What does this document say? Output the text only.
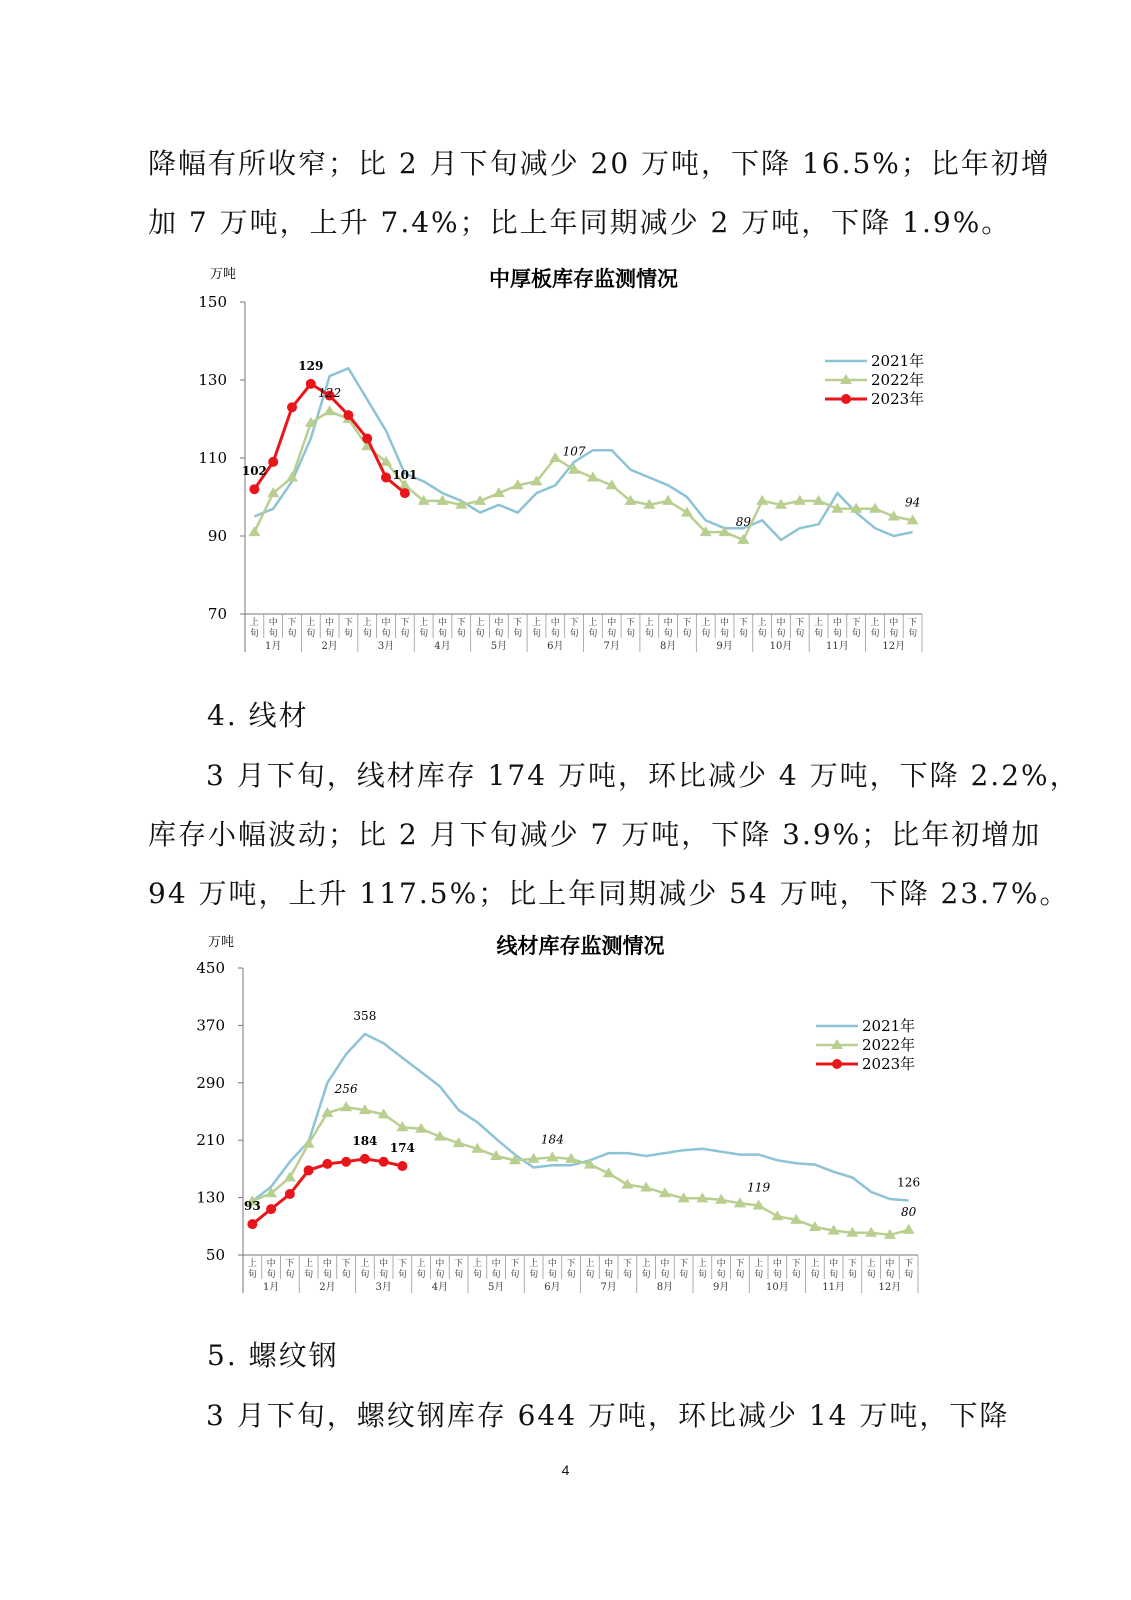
降幅有所收窄；比 2 月下旬减少 20 万吨，下降 16.5%；比年初增
加 7 万吨，上升 7.4%；比上年同期减少 2 万吨，下降 1.9%。

中厚板库存监测情况
万吨
70
90
110
130
150
上
旬
中
旬
下
旬
上
旬
中
旬
下
旬
上
旬
中
旬
下
旬
上
旬
中
旬
下
旬
上
旬
中
旬
下
旬
上
旬
中
旬
下
旬
上
旬
中
旬
下
旬
上
旬
中
旬
下
旬
上
旬
中
旬
下
旬
上
旬
中
旬
下
旬
上
旬
中
旬
下
旬
上
旬
中
旬
下
旬
1月	2月	3月	4月	5月	6月	7月	8月	9月	10月	11月	12月
102
129
101
122
107
89
94
2021年
2022年
2023年
4. 线材

3 月下旬，线材库存 174 万吨，环比减少 4 万吨，下降 2.2%，
库存小幅波动；比 2 月下旬减少 7 万吨，下降 3.9%；比年初增加
94 万吨，上升 117.5%；比上年同期减少 54 万吨，下降 23.7%。

线材库存监测情况
万吨
50
130
210
290
370
450
上
旬
中
旬
下
旬
上
旬
中
旬
下
旬
上
旬
中
旬
下
旬
上
旬
中
旬
下
旬
上
旬
中
旬
下
旬
上
旬
中
旬
下
旬
上
旬
中
旬
下
旬
上
旬
中
旬
下
旬
上
旬
中
旬
下
旬
上
旬
中
旬
下
旬
上
旬
中
旬
下
旬
上
旬
中
旬
下
旬
1月	2月	3月	4月	5月	6月	7月	8月	9月	10月	11月	12月
93
184
174
358
256
184
119	126
80
2021年
2022年
2023年
5. 螺纹钢

3 月下旬，螺纹钢库存 644 万吨，环比减少 14 万吨，下降

4
